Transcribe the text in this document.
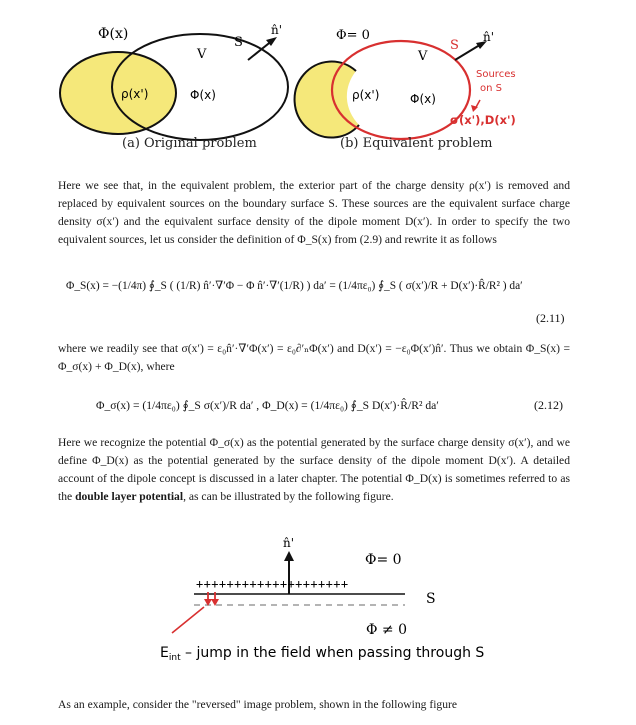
Φ(x)
V
S
n̂'
ρ(x')	Φ(x)
Φ= 0
V
S
n̂'
ρ(x')	Φ(x)
Sources
on S
σ(x'),D(x')
(a) Original problem	(b) Equivalent problem
Here we see that, in the equivalent problem, the exterior part of the charge density ρ(x′) is removed and replaced by equivalent sources on the boundary surface S. These sources are the equivalent surface charge density σ(x′) and the equivalent surface density of the dipole moment D(x′). In order to specify the two equivalent sources, let us consider the definition of Φ_S(x) from (2.9) and rewrite it as follows
Φ_S(x) = −(1/4π) ∮_S ( (1/R) n̂′·∇′Φ − Φ n̂′·∇′(1/R) ) da′ = (1/4πε₀) ∮_S ( σ(x′)/R + D(x′)·R̂/R² ) da′
(2.11)
where we readily see that σ(x′) = ε₀n̂′·∇′Φ(x′) = ε₀∂′ₙΦ(x′) and D(x′) = −ε₀Φ(x′)n̂′. Thus we obtain Φ_S(x) = Φ_σ(x) + Φ_D(x), where
Φ_σ(x) = (1/4πε₀) ∮_S σ(x′)/R da′ , Φ_D(x) = (1/4πε₀) ∮_S D(x′)·R̂/R² da′	(2.12)
Here we recognize the potential Φ_σ(x) as the potential generated by the surface charge density σ(x′), and we define Φ_D(x) as the potential generated by the surface density of the dipole moment D(x′). A detailed account of the dipole concept is discussed in a later chapter. The potential Φ_D(x) is sometimes referred to as the double layer potential, as can be illustrated by the following figure.
n̂'
Φ= 0
++++++++++++++++++++
S
Φ ≠ 0
$E_{int}$ – jump in the field when passing through S
As an example, consider the "reversed" image problem, shown in the following figure
